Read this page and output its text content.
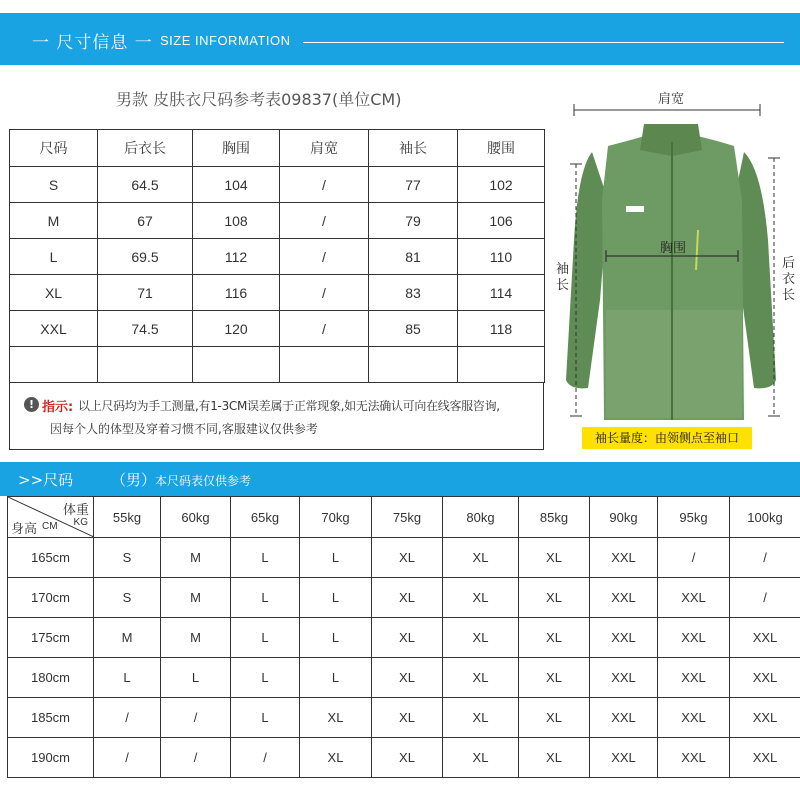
一 尺寸信息 一 SIZE INFORMATION
男款 皮肤衣尺码参考表09837(单位CM)
尺码	后衣长	胸围	肩宽	袖长	腰围
S	64.5	104	/	77	102
M	67	108	/	79	106
L	69.5	112	/	81	110
XL	71	116	/	83	114
XXL	74.5	120	/	85	118

! 指示: 以上尺码均为手工测量,有1-3CM误差属于正常现象,如无法确认可向在线客服咨询,
因每个人的体型及穿着习惯不同,客服建议仅供参考
肩宽
胸围
袖长
后衣长
袖长量度：由领侧点至袖口
>>尺码	（男）
本尺码表仅供参考
体重
KG
身高 CM	55kg	60kg	65kg	70kg	75kg	80kg	85kg	90kg	95kg	100kg
165cm	S	M	L	L	XL	XL	XL	XXL	/	/
170cm	S	M	L	L	XL	XL	XL	XXL	XXL	/
175cm	M	M	L	L	XL	XL	XL	XXL	XXL	XXL
180cm	L	L	L	L	XL	XL	XL	XXL	XXL	XXL
185cm	/	/	L	XL	XL	XL	XL	XXL	XXL	XXL
190cm	/	/	/	XL	XL	XL	XL	XXL	XXL	XXL
